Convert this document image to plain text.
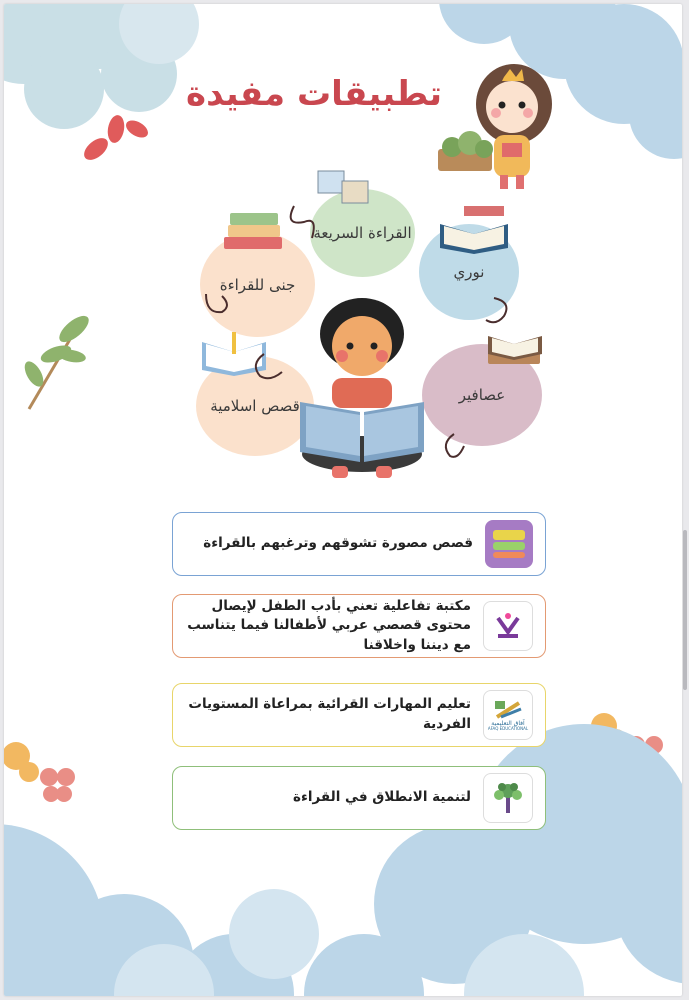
تطبيقات مفيدة
القراءة السريعة
نوري
جنى للقراءة
عصافير
قصص اسلامية
قصص مصورة تشوقهم وترغبهم بالقراءة
مكتبة تفاعلية تعني بأدب الطفل لإيصال محتوى قصصي عربي لأطفالنا فيما يتناسب مع ديننا واخلاقنا
آفاق التعليمية
AFAQ EDUCATIONAL
تعليم المهارات القرائية بمراعاة المستويات الفردية
لتنمية الانطلاق في القراءة
